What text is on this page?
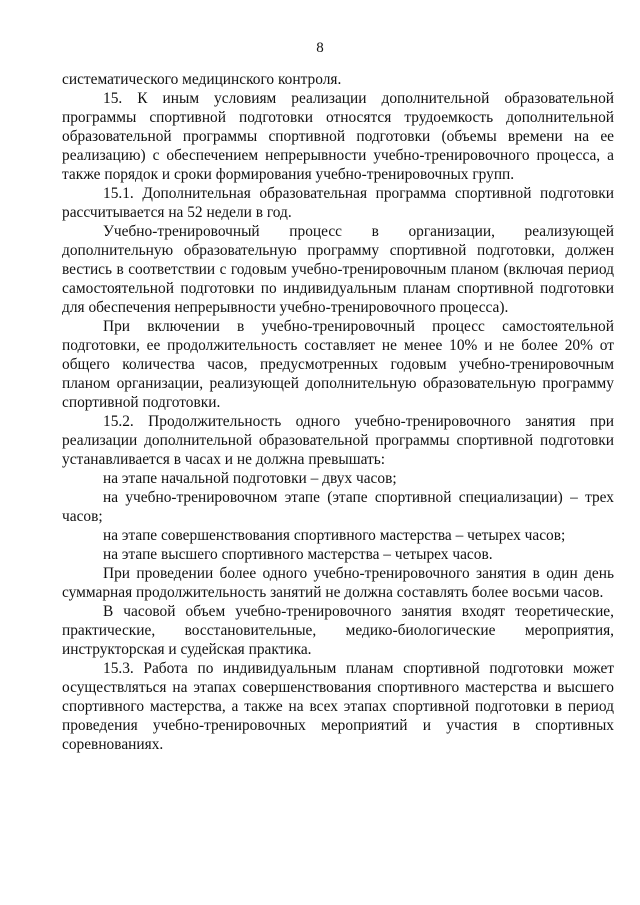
8

систематического медицинского контроля.

15. К иным условиям реализации дополнительной образовательной программы спортивной подготовки относятся трудоемкость дополнительной образовательной программы спортивной подготовки (объемы времени на ее реализацию) с обеспечением непрерывности учебно-тренировочного процесса, а также порядок и сроки формирования учебно-тренировочных групп.

15.1. Дополнительная образовательная программа спортивной подготовки рассчитывается на 52 недели в год.

Учебно-тренировочный процесс в организации, реализующей дополнительную образовательную программу спортивной подготовки, должен вестись в соответствии с годовым учебно-тренировочным планом (включая период самостоятельной подготовки по индивидуальным планам спортивной подготовки для обеспечения непрерывности учебно-тренировочного процесса).

При включении в учебно-тренировочный процесс самостоятельной подготовки, ее продолжительность составляет не менее 10% и не более 20% от общего количества часов, предусмотренных годовым учебно-тренировочным планом организации, реализующей дополнительную образовательную программу спортивной подготовки.

15.2. Продолжительность одного учебно-тренировочного занятия при реализации дополнительной образовательной программы спортивной подготовки устанавливается в часах и не должна превышать:

на этапе начальной подготовки – двух часов;

на учебно-тренировочном этапе (этапе спортивной специализации) – трех часов;

на этапе совершенствования спортивного мастерства – четырех часов;

на этапе высшего спортивного мастерства – четырех часов.

При проведении более одного учебно-тренировочного занятия в один день суммарная продолжительность занятий не должна составлять более восьми часов.

В часовой объем учебно-тренировочного занятия входят теоретические, практические, восстановительные, медико-биологические мероприятия, инструкторская и судейская практика.

15.3. Работа по индивидуальным планам спортивной подготовки может осуществляться на этапах совершенствования спортивного мастерства и высшего спортивного мастерства, а также на всех этапах спортивной подготовки в период проведения учебно-тренировочных мероприятий и участия в спортивных соревнованиях.
